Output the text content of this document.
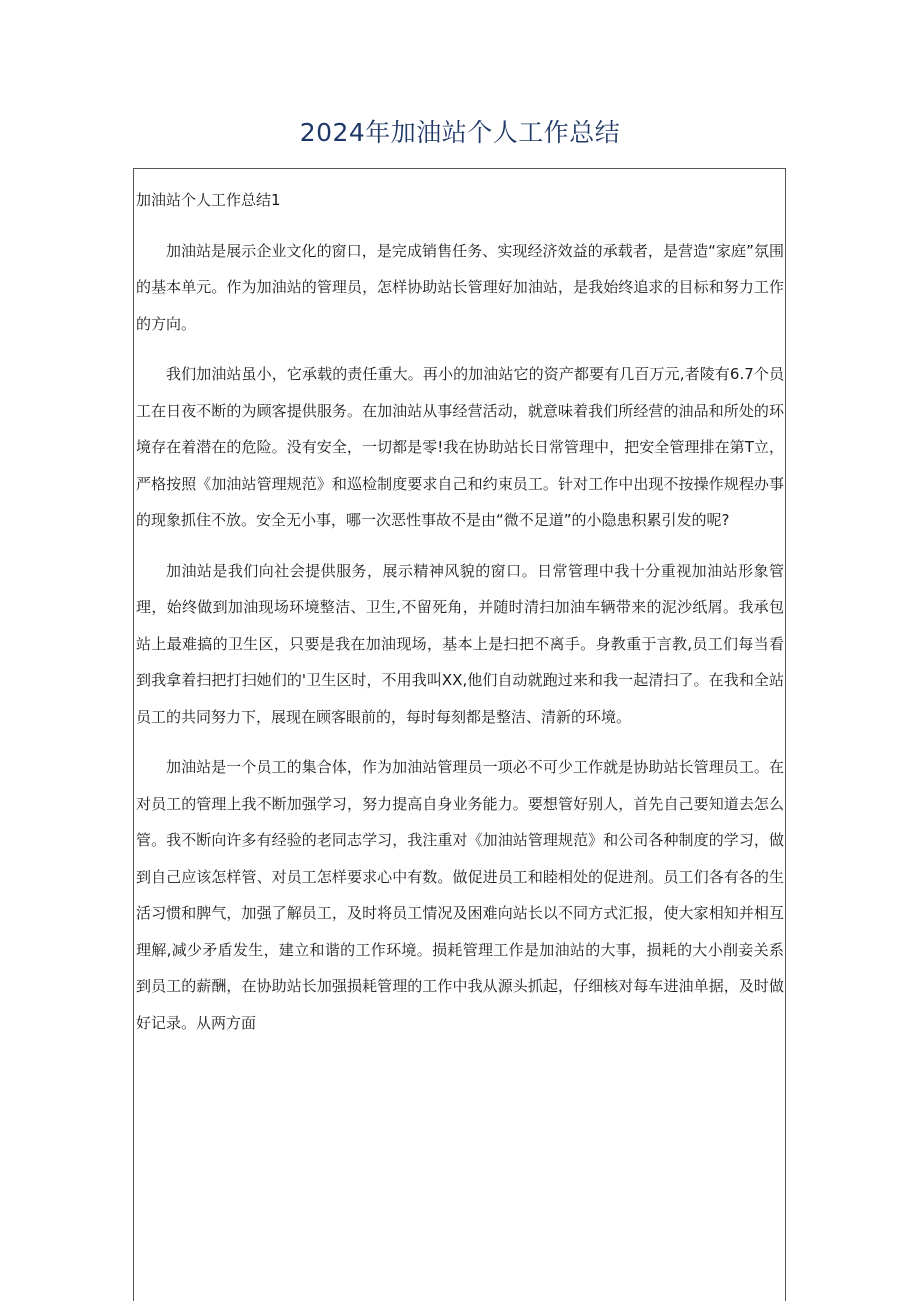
2024年加油站个人工作总结
加油站个人工作总结1

加油站是展示企业文化的窗口，是完成销售任务、实现经济效益的承载者，是营造“家庭”氛围的基本单元。作为加油站的管理员，怎样协助站长管理好加油站，是我始终追求的目标和努力工作的方向。

我们加油站虽小，它承载的责任重大。再小的加油站它的资产都要有几百万元,者陵有6.7个员工在日夜不断的为顾客提供服务。在加油站从事经营活动，就意味着我们所经营的油品和所处的环境存在着潜在的危险。没有安全，一切都是零!我在协助站长日常管理中，把安全管理排在第T立，严格按照《加油站管理规范》和巡检制度要求自己和约束员工。针对工作中出现不按操作规程办事的现象抓住不放。安全无小事，哪一次恶性事故不是由“微不足道”的小隐患积累引发的呢?

加油站是我们向社会提供服务，展示精神风貌的窗口。日常管理中我十分重视加油站形象管理，始终做到加油现场环境整洁、卫生,不留死角，并随时清扫加油车辆带来的泥沙纸屑。我承包站上最难搞的卫生区，只要是我在加油现场，基本上是扫把不离手。身教重于言教,员工们每当看到我拿着扫把打扫她们的'卫生区时，不用我叫XX,他们自动就跑过来和我一起清扫了。在我和全站员工的共同努力下，展现在顾客眼前的，每时每刻都是整洁、清新的环境。

加油站是一个员工的集合体，作为加油站管理员一项必不可少工作就是协助站长管理员工。在对员工的管理上我不断加强学习，努力提高自身业务能力。要想管好别人，首先自己要知道去怎么管。我不断向许多有经验的老同志学习，我注重对《加油站管理规范》和公司各种制度的学习，做到自己应该怎样管、对员工怎样要求心中有数。做促进员工和睦相处的促进剂。员工们各有各的生活习惯和脾气，加强了解员工，及时将员工情况及困难向站长以不同方式汇报，使大家相知并相互理解,减少矛盾发生，建立和谐的工作环境。损耗管理工作是加油站的大事，损耗的大小削妾关系到员工的薪酬，在协助站长加强损耗管理的工作中我从源头抓起，仔细核对每车进油单据，及时做好记录。从两方面
